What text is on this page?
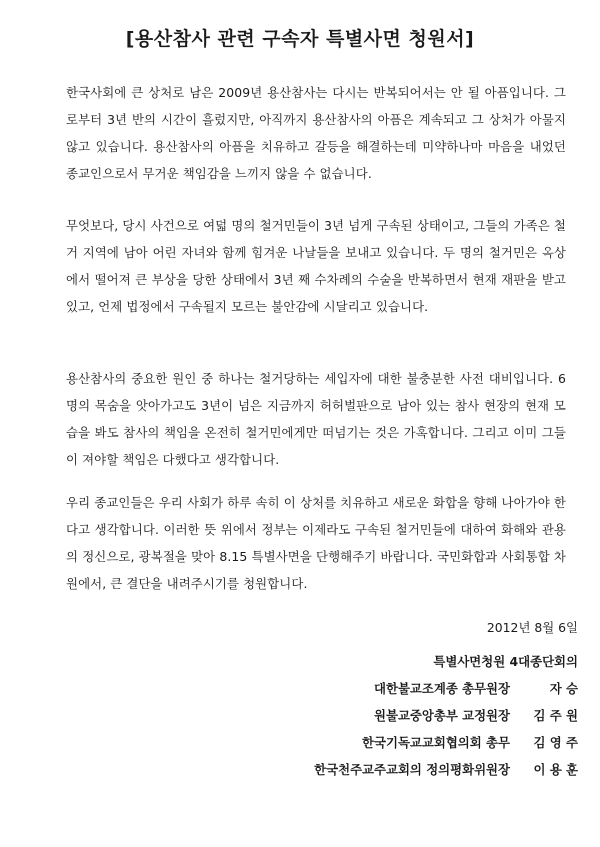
[용산참사 관련 구속자 특별사면 청원서]

한국사회에 큰 상처로 남은 2009년 용산참사는 다시는 반복되어서는 안 될 아픔입니다. 그로부터 3년 반의 시간이 흘렀지만, 아직까지 용산참사의 아픔은 계속되고 그 상처가 아물지 않고 있습니다. 용산참사의 아픔을 치유하고 갈등을 해결하는데 미약하나마 마음을 내었던 종교인으로서 무거운 책임감을 느끼지 않을 수 없습니다.

무엇보다, 당시 사건으로 여덟 명의 철거민들이 3년 넘게 구속된 상태이고, 그들의 가족은 철거 지역에 남아 어린 자녀와 함께 힘겨운 나날들을 보내고 있습니다. 두 명의 철거민은 옥상에서 떨어져 큰 부상을 당한 상태에서 3년 째 수차례의 수술을 반복하면서 현재 재판을 받고 있고, 언제 법정에서 구속될지 모르는 불안감에 시달리고 있습니다.

용산참사의 중요한 원인 중 하나는 철거당하는 세입자에 대한 불충분한 사전 대비입니다. 6명의 목숨을 앗아가고도 3년이 넘은 지금까지 허허벌판으로 남아 있는 참사 현장의 현재 모습을 봐도 참사의 책임을 온전히 철거민에게만 떠넘기는 것은 가혹합니다. 그리고 이미 그들이 져야할 책임은 다했다고 생각합니다.

우리 종교인들은 우리 사회가 하루 속히 이 상처를 치유하고 새로운 화합을 향해 나아가야 한다고 생각합니다. 이러한 뜻 위에서 정부는 이제라도 구속된 철거민들에 대하여 화해와 관용의 정신으로, 광복절을 맞아 8.15 특별사면을 단행해주기 바랍니다. 국민화합과 사회통합 차원에서, 큰 결단을 내려주시기를 청원합니다.

2012년 8월 6일

특별사면청원 4대종단회의
대한불교조계종 총무원장	자 승
원불교중앙총부 교정원장 김 주 원
한국기독교교회협의회 총무 김 영 주
한국천주교주교회의 정의평화위원장 이 용 훈
